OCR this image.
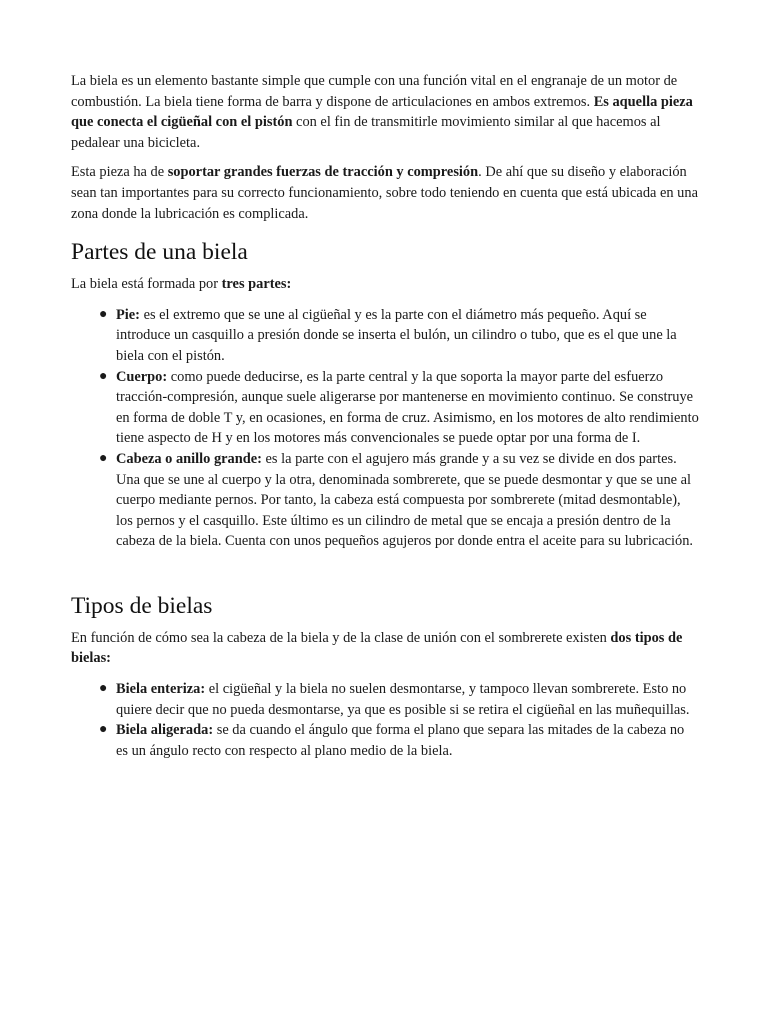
La biela es un elemento bastante simple que cumple con una función vital en el engranaje de un motor de combustión. La biela tiene forma de barra y dispone de articulaciones en ambos extremos. Es aquella pieza que conecta el cigüeñal con el pistón con el fin de transmitirle movimiento similar al que hacemos al pedalear una bicicleta.

Esta pieza ha de soportar grandes fuerzas de tracción y compresión. De ahí que su diseño y elaboración sean tan importantes para su correcto funcionamiento, sobre todo teniendo en cuenta que está ubicada en una zona donde la lubricación es complicada.

Partes de una biela

La biela está formada por tres partes:

● Pie: es el extremo que se une al cigüeñal y es la parte con el diámetro más pequeño. Aquí se introduce un casquillo a presión donde se inserta el bulón, un cilindro o tubo, que es el que une la biela con el pistón.
● Cuerpo: como puede deducirse, es la parte central y la que soporta la mayor parte del esfuerzo tracción-compresión, aunque suele aligerarse por mantenerse en movimiento continuo. Se construye en forma de doble T y, en ocasiones, en forma de cruz. Asimismo, en los motores de alto rendimiento tiene aspecto de H y en los motores más convencionales se puede optar por una forma de I.
● Cabeza o anillo grande: es la parte con el agujero más grande y a su vez se divide en dos partes. Una que se une al cuerpo y la otra, denominada sombrerete, que se puede desmontar y que se une al cuerpo mediante pernos. Por tanto, la cabeza está compuesta por sombrerete (mitad desmontable), los pernos y el casquillo. Este último es un cilindro de metal que se encaja a presión dentro de la cabeza de la biela. Cuenta con unos pequeños agujeros por donde entra el aceite para su lubricación.
Tipos de bielas

En función de cómo sea la cabeza de la biela y de la clase de unión con el sombrerete existen dos tipos de bielas:

● Biela enteriza: el cigüeñal y la biela no suelen desmontarse, y tampoco llevan sombrerete. Esto no quiere decir que no pueda desmontarse, ya que es posible si se retira el cigüeñal en las muñequillas.
● Biela aligerada: se da cuando el ángulo que forma el plano que separa las mitades de la cabeza no es un ángulo recto con respecto al plano medio de la biela.
